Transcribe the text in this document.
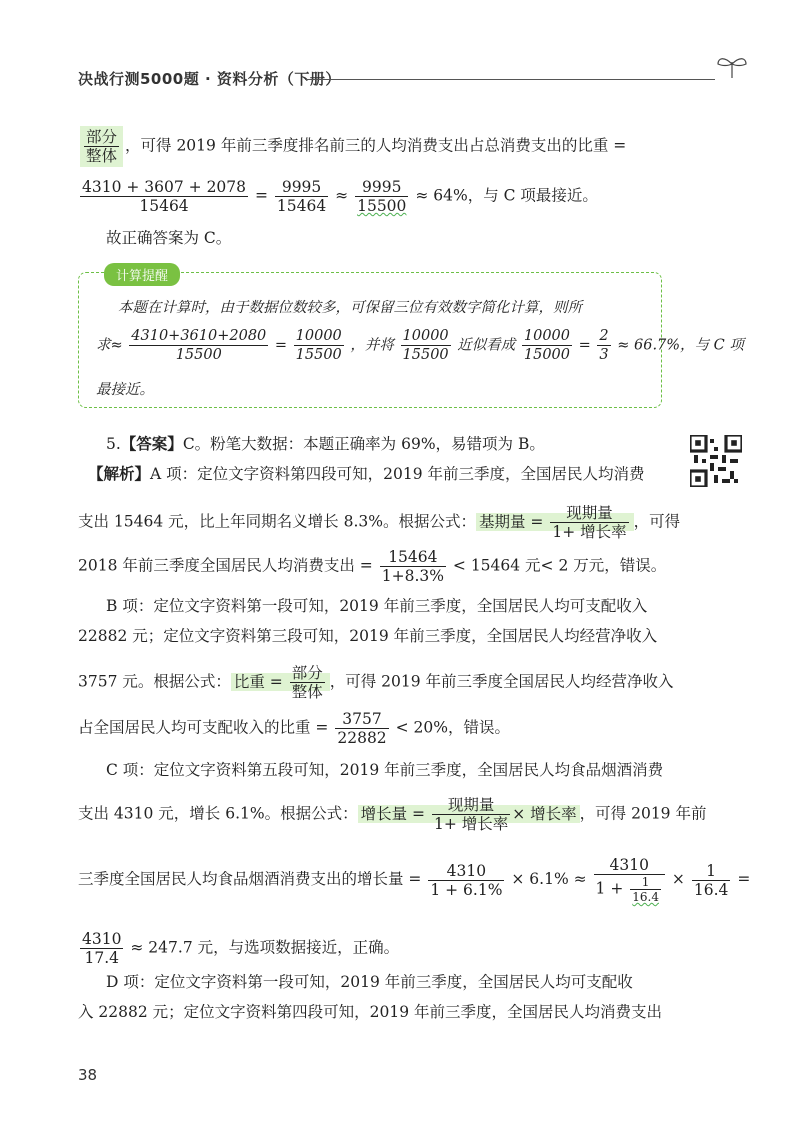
决战行测5000题 · 资料分析（下册）
$\frac{\text{部分}}{\text{整体}}$ ，可得 2019 年前三季度排名前三的人均消费支出占总消费支出的比重 =
$\frac{4310 + 3607 + 2078}{15464} = \frac{9995}{15464} \approx \frac{9995}{15500} \approx 64\%$，与 C 项最接近。
故正确答案为 C。
计算提醒
本题在计算时，由于数据位数较多，可保留三位有效数字简化计算，则所
求≈ $\frac{4310+3610+2080}{15500} = \frac{10000}{15500}$ ，并将 $\frac{10000}{15500}$ 近似看成 $\frac{10000}{15000} = \frac{2}{3} \approx 66.7\%$，与 C 项
最接近。
5.【答案】C。粉笔大数据：本题正确率为 69%，易错项为 B。
【解析】A 项：定位文字资料第四段可知，2019 年前三季度，全国居民人均消费
支出 15464 元，比上年同期名义增长 8.3%。根据公式： 基期量 = $\frac{\text{现期量}}{\text{1+ 增长率}}$ ，可得
2018 年前三季度全国居民人均消费支出 = $\frac{15464}{1+8.3\%} < 15464$ 元< 2 万元，错误。
B 项：定位文字资料第一段可知，2019 年前三季度，全国居民人均可支配收入
22882 元；定位文字资料第三段可知，2019 年前三季度，全国居民人均经营净收入
3757 元。根据公式： 比重 = $\frac{\text{部分}}{\text{整体}}$ ，可得 2019 年前三季度全国居民人均经营净收入
占全国居民人均可支配收入的比重 = $\frac{3757}{22882} < 20\%$，错误。
C 项：定位文字资料第五段可知，2019 年前三季度，全国居民人均食品烟酒消费
支出 4310 元，增长 6.1%。根据公式： 增长量 = $\frac{\text{现期量}}{\text{1+ 增长率}}$ × 增长率 ，可得 2019 年前
三季度全国居民人均食品烟酒消费支出的增长量 = $\frac{4310}{1 + 6.1\%} \times 6.1\% \approx \frac{4310}{1 + \frac{1}{16.4}} \times \frac{1}{16.4}$ =
$\frac{4310}{17.4} \approx 247.7$ 元，与选项数据接近，正确。
D 项：定位文字资料第一段可知，2019 年前三季度，全国居民人均可支配收
入 22882 元；定位文字资料第四段可知，2019 年前三季度，全国居民人均消费支出
38
